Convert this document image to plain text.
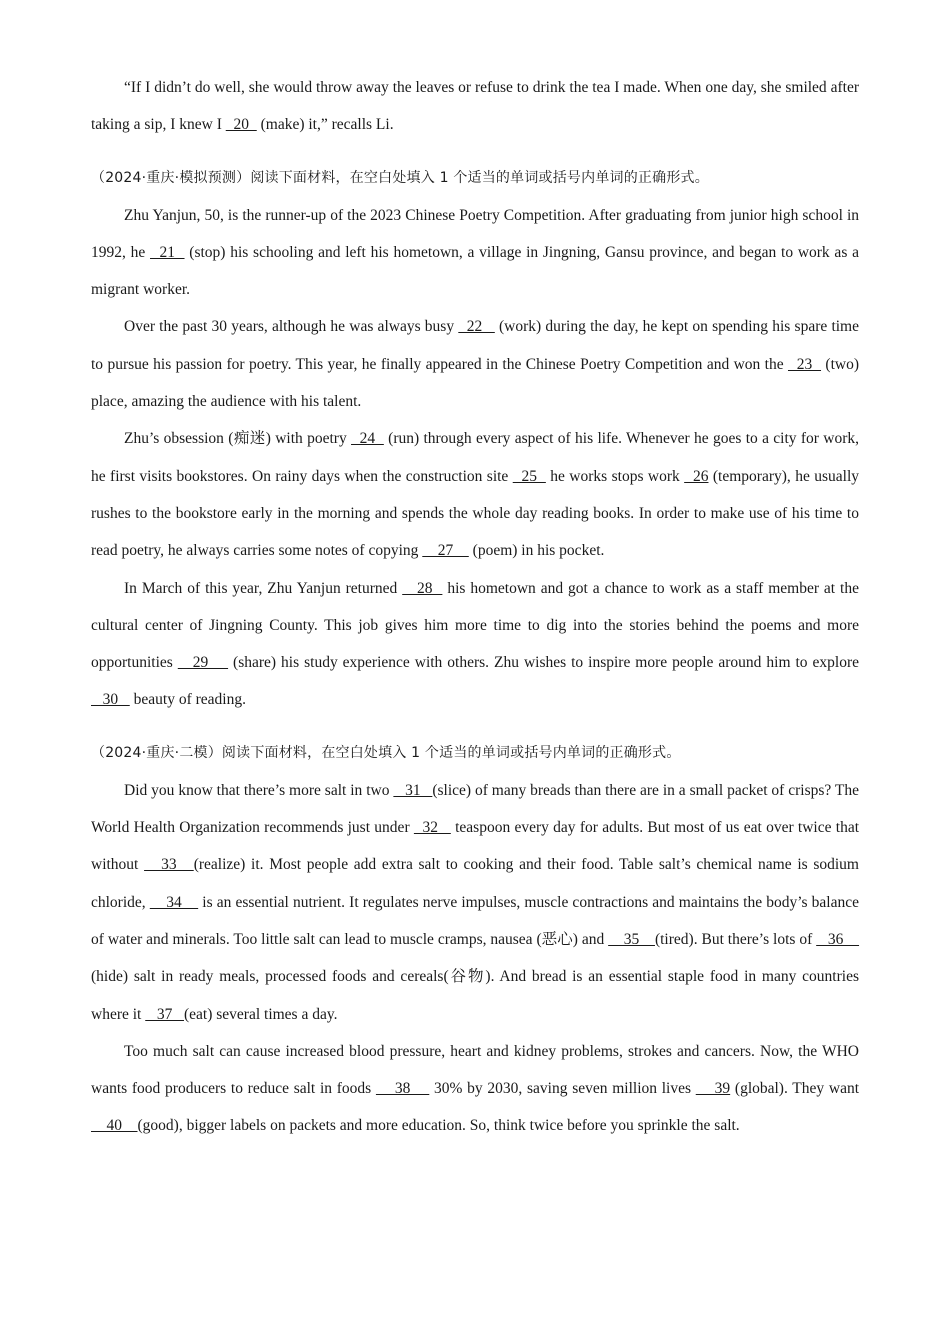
“If I didn’t do well, she would throw away the leaves or refuse to drink the tea I made. When one day, she smiled after taking a sip, I knew I   20   (make) it,” recalls Li.

（2024·重庆·模拟预测）阅读下面材料，在空白处填入 1 个适当的单词或括号内单词的正确形式。

Zhu Yanjun, 50, is the runner-up of the 2023 Chinese Poetry Competition. After graduating from junior high school in 1992, he   21   (stop) his schooling and left his hometown, a village in Jingning, Gansu province, and began to work as a migrant worker.

Over the past 30 years, although he was always busy   22    (work) during the day, he kept on spending his spare time to pursue his passion for poetry. This year, he finally appeared in the Chinese Poetry Competition and won the   23   (two) place, amazing the audience with his talent.

Zhu’s obsession (痴迷) with poetry   24   (run) through every aspect of his life. Whenever he goes to a city for work, he first visits bookstores. On rainy days when the construction site   25   he works stops work   26 (temporary), he usually rushes to the bookstore early in the morning and spends the whole day reading books. In order to make use of his time to read poetry, he always carries some notes of copying     27     (poem) in his pocket.

In March of this year, Zhu Yanjun returned    28   his hometown and got a chance to work as a staff member at the cultural center of Jingning County. This job gives him more time to dig into the stories behind the poems and more opportunities    29     (share) his study experience with others. Zhu wishes to inspire more people around him to explore    30    beauty of reading.

（2024·重庆·二模）阅读下面材料，在空白处填入 1 个适当的单词或括号内单词的正确形式。

Did you know that there’s more salt in two    31   (slice) of many breads than there are in a small packet of crisps? The World Health Organization recommends just under   32    teaspoon every day for adults. But most of us eat over twice that without    33   (realize) it. Most people add extra salt to cooking and their food. Table salt’s chemical name is sodium chloride,     34     is an essential nutrient. It regulates nerve impulses, muscle contractions and maintains the body’s balance of water and minerals. Too little salt can lead to muscle cramps, nausea (恶心) and     35    (tired). But there’s lots of    36     (hide) salt in ready meals, processed foods and cereals(谷物). And bread is an essential staple food in many countries where it    37   (eat) several times a day.

Too much salt can cause increased blood pressure, heart and kidney problems, strokes and cancers. Now, the WHO wants food producers to reduce salt in foods     38     30% by 2030, saving seven million lives     39 (global). They want     40    (good), bigger labels on packets and more education. So, think twice before you sprinkle the salt.
